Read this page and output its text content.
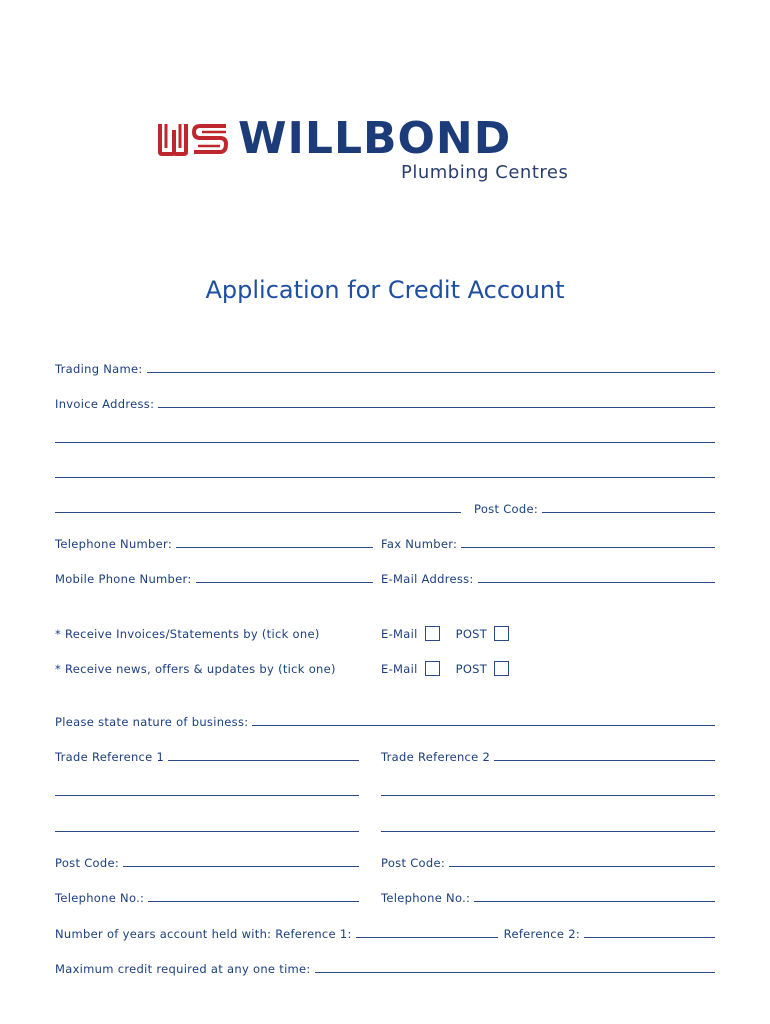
WILLBOND
Plumbing Centres
Application for Credit Account
Trading Name:
Invoice Address:
Post Code:
Telephone Number:	Fax Number:
Mobile Phone Number:	E-Mail Address:
* Receive Invoices/Statements by (tick one)	E-Mail	POST
* Receive news, offers & updates by (tick one)	E-Mail	POST
Please state nature of business:
Trade Reference 1	Trade Reference 2
Post Code:	Post Code:
Telephone No.:	Telephone No.:
Number of years account held with: Reference 1:	Reference 2:
Maximum credit required at any one time:
